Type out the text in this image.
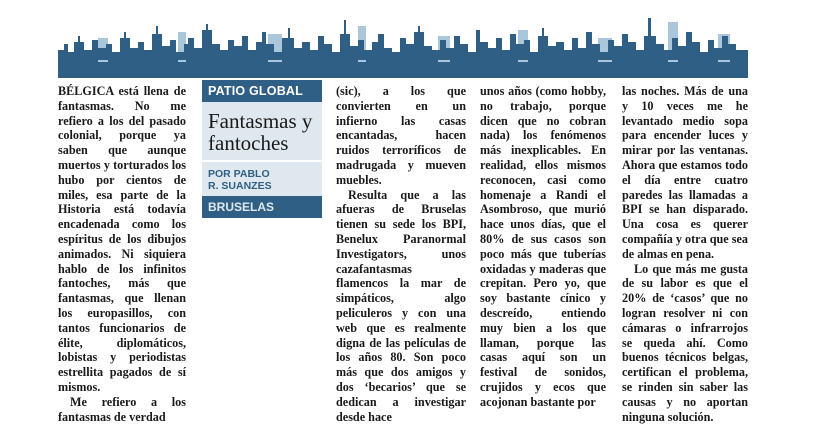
BÉLGICA está llena de fantasmas. No me refiero a los del pasado colonial, porque ya saben que aunque muertos y torturados los hubo por cientos de miles, esa parte de la Historia está todavía encadenada como los espíritus de los dibujos animados. Ni siquiera hablo de los infinitos fantoches, más que fantasmas, que llenan los europasillos, con tantos funcionarios de élite, diplomáticos, lobistas y periodistas estrellita pagados de sí mismos.

Me refiero a los fantasmas de verdad

PATIO GLOBAL
Fantasmas y fantoches
POR PABLO
R. SUANZES
BRUSELAS

(sic), a los que convierten en un infierno las casas encantadas, hacen ruidos terroríficos de madrugada y mueven muebles.

Resulta que a las afueras de Bruselas tienen su sede los BPI, Benelux Paranormal Investigators, unos cazafantasmas flamencos la mar de simpáticos, algo peliculeros y con una web que es realmente digna de las películas de los años 80. Son poco más que dos amigos y dos ‘becarios’ que se dedican a investigar desde hace

unos años (como hobby, no trabajo, porque dicen que no cobran nada) los fenómenos más inexplicables. En realidad, ellos mismos reconocen, casi como homenaje a Randi el Asombroso, que murió hace unos días, que el 80% de sus casos son poco más que tuberías oxidadas y maderas que crepitan. Pero yo, que soy bastante cínico y descreído, entiendo muy bien a los que llaman, porque las casas aquí son un festival de sonidos, crujidos y ecos que acojonan bastante por

las noches. Más de una y 10 veces me he levantado medio sopa para encender luces y mirar por las ventanas. Ahora que estamos todo el día entre cuatro paredes las llamadas a BPI se han disparado. Una cosa es querer compañía y otra que sea de almas en pena.

Lo que más me gusta de su labor es que el 20% de ‘casos’ que no logran resolver ni con cámaras o infrarrojos se queda ahí. Como buenos técnicos belgas, certifican el problema, se rinden sin saber las causas y no aportan ninguna solución.
